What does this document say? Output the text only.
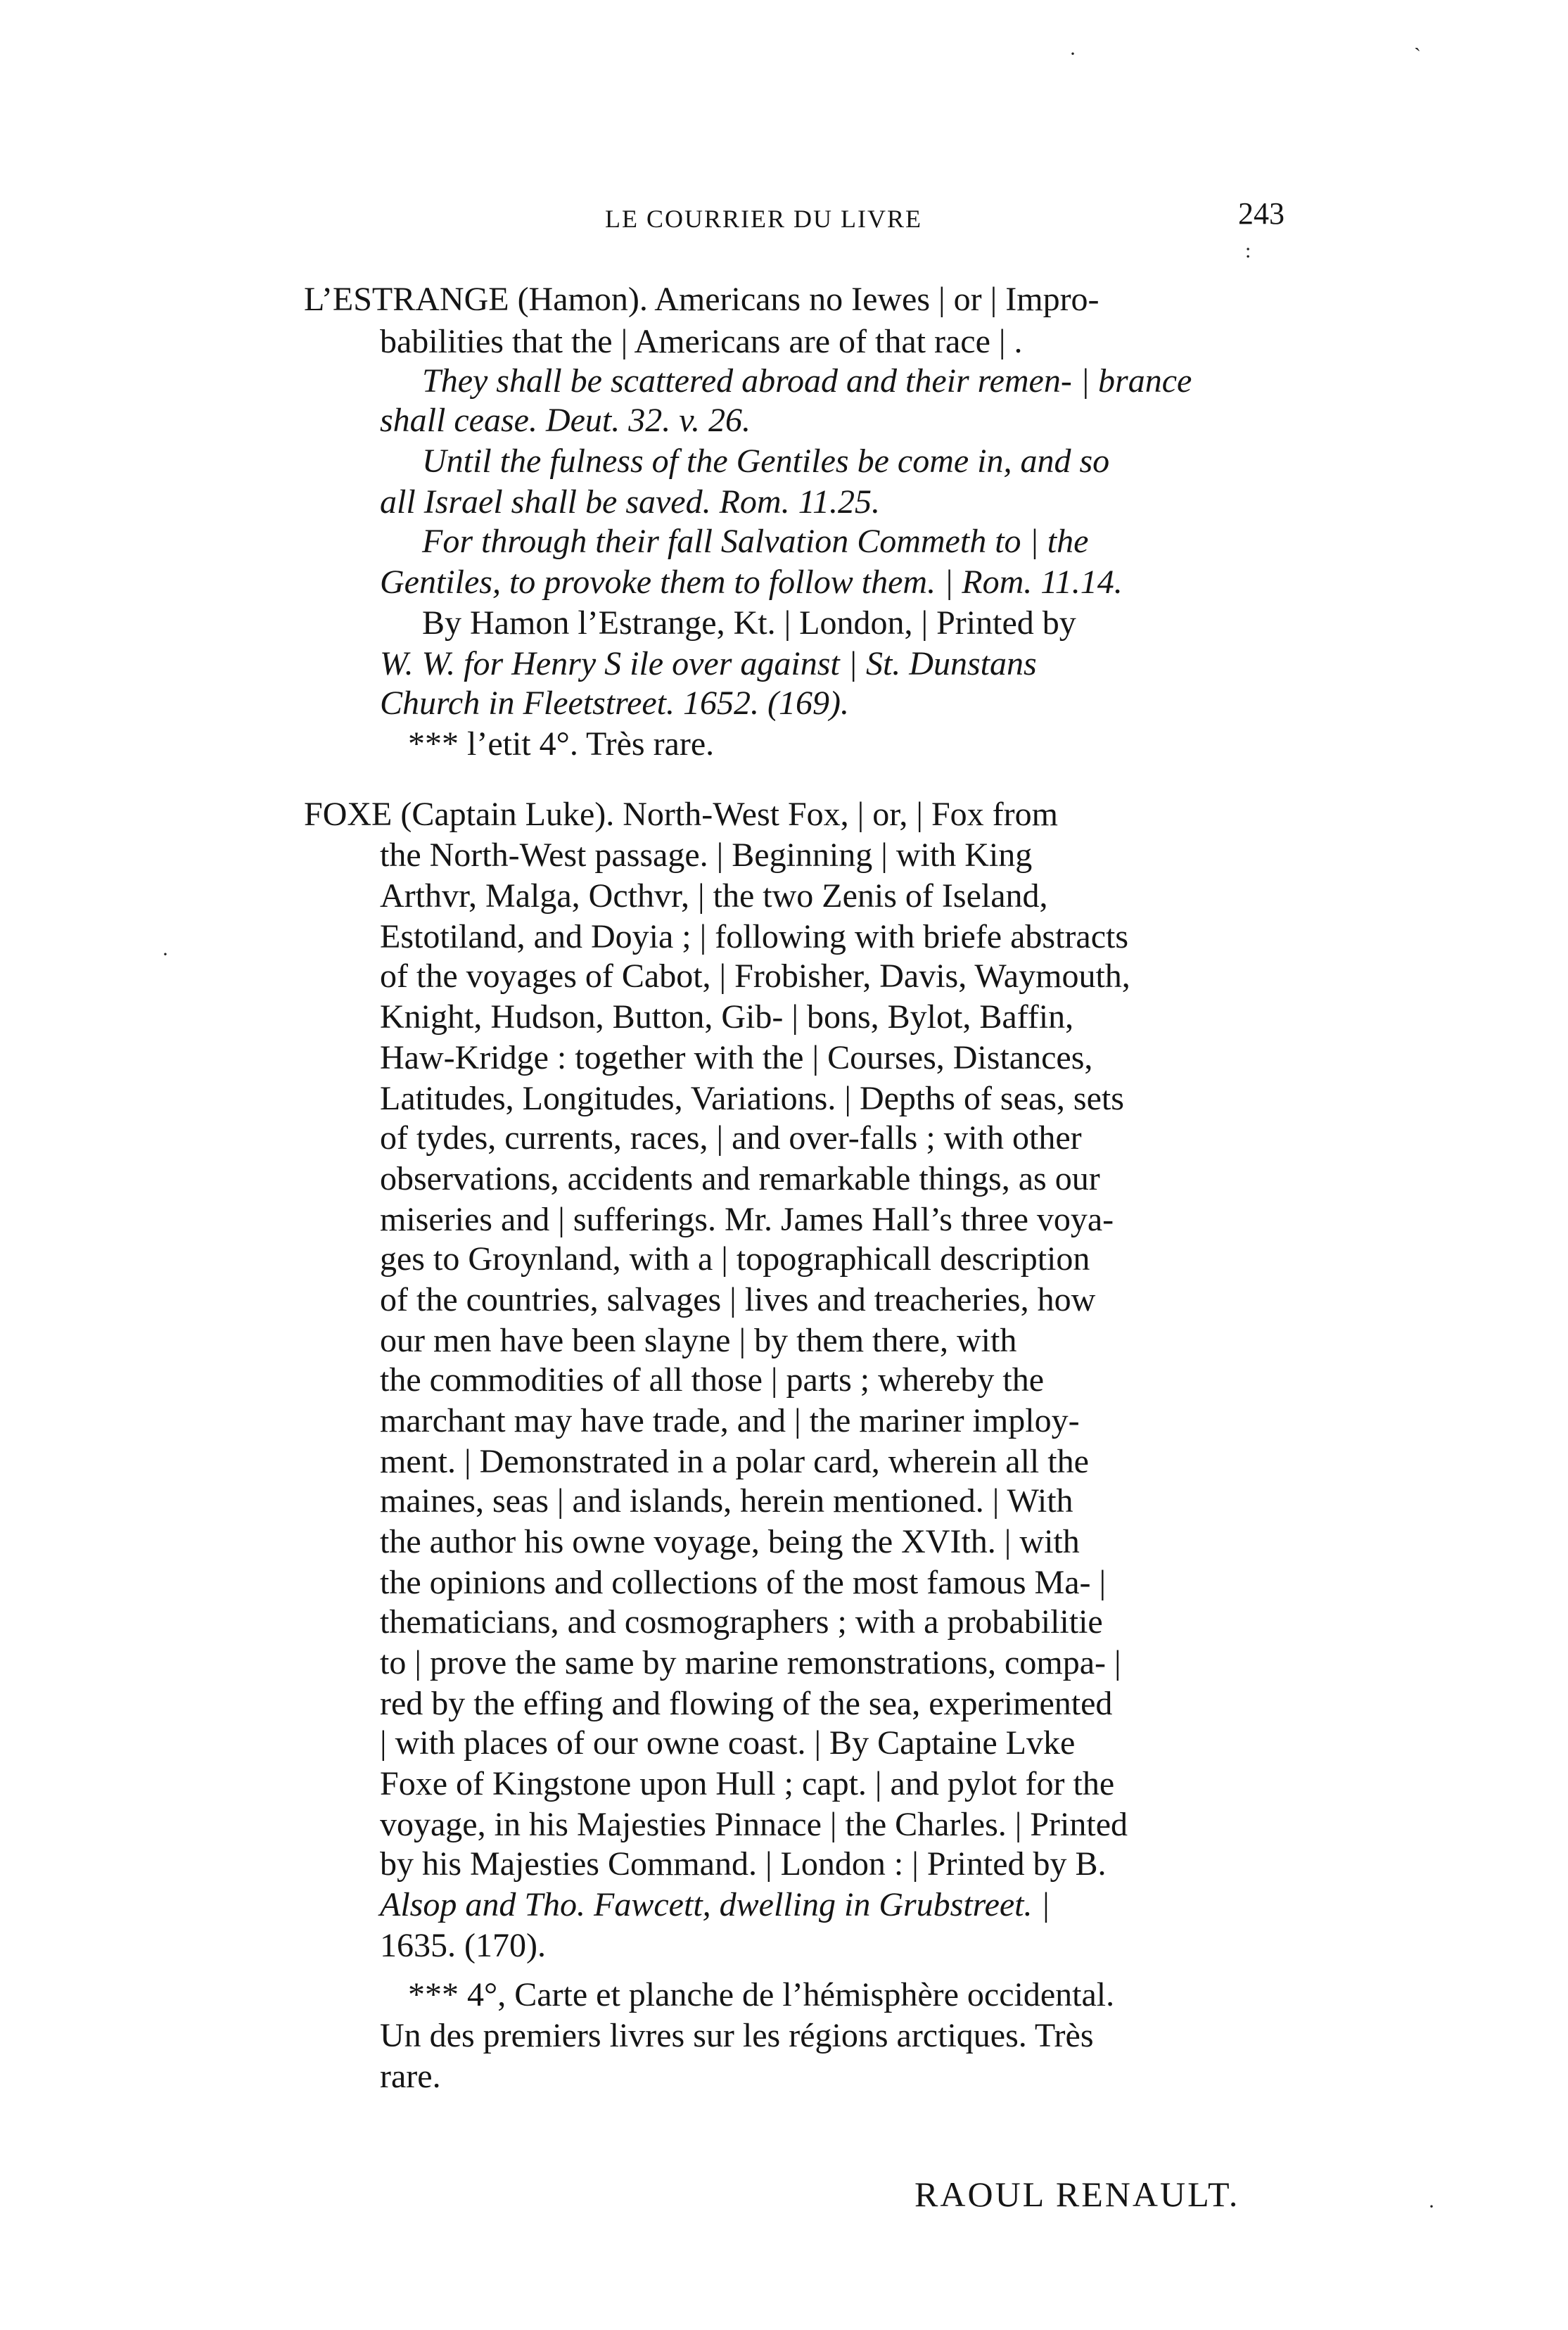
LE COURRIER DU LIVRE	243
L’ESTRANGE (Hamon). Americans no Iewes | or | Impro-
babilities that the | Americans are of that race | .
They shall be scattered abroad and their remen- | brance
shall cease. Deut. 32. v. 26.
Until the fulness of the Gentiles be come in, and so
all Israel shall be saved. Rom. 11.25.
For through their fall Salvation Commeth to | the
Gentiles, to provoke them to follow them. | Rom. 11.14.
By Hamon l’Estrange, Kt. | London, | Printed by
W. W. for Henry S ile over against | St. Dunstans
Church in Fleetstreet. 1652. (169).
*** l’etit 4°. Très rare.
FOXE (Captain Luke). North-West Fox, | or, | Fox from
the North-West passage. | Beginning | with King
Arthvr, Malga, Octhvr, | the two Zenis of Iseland,
Estotiland, and Doyia ; | following with briefe abstracts
of the voyages of Cabot, | Frobisher, Davis, Waymouth,
Knight, Hudson, Button, Gib- | bons, Bylot, Baffin,
Haw-Kridge : together with the | Courses, Distances,
Latitudes, Longitudes, Variations. | Depths of seas, sets
of tydes, currents, races, | and over-falls ; with other
observations, accidents and remarkable things, as our
miseries and | sufferings. Mr. James Hall’s three voya-
ges to Groynland, with a | topographicall description
of the countries, salvages | lives and treacheries, how
our men have been slayne | by them there, with
the commodities of all those | parts ; whereby the
marchant may have trade, and | the mariner imploy-
ment. | Demonstrated in a polar card, wherein all the
maines, seas | and islands, herein mentioned. | With
the author his owne voyage, being the XVIth. | with
the opinions and collections of the most famous Ma- |
thematicians, and cosmographers ; with a probabilitie
to | prove the same by marine remonstrations, compa- |
red by the effing and flowing of the sea, experimented
| with places of our owne coast. | By Captaine Lvke
Foxe of Kingstone upon Hull ; capt. | and pylot for the
voyage, in his Majesties Pinnace | the Charles. | Printed
by his Majesties Command. | London : | Printed by B.
Alsop and Tho. Fawcett, dwelling in Grubstreet. |
1635. (170).
*** 4°, Carte et planche de l’hémisphère occidental.
Un des premiers livres sur les régions arctiques. Très
rare.
RAOUL RENAULT.
ˎ
·
:
·
·
